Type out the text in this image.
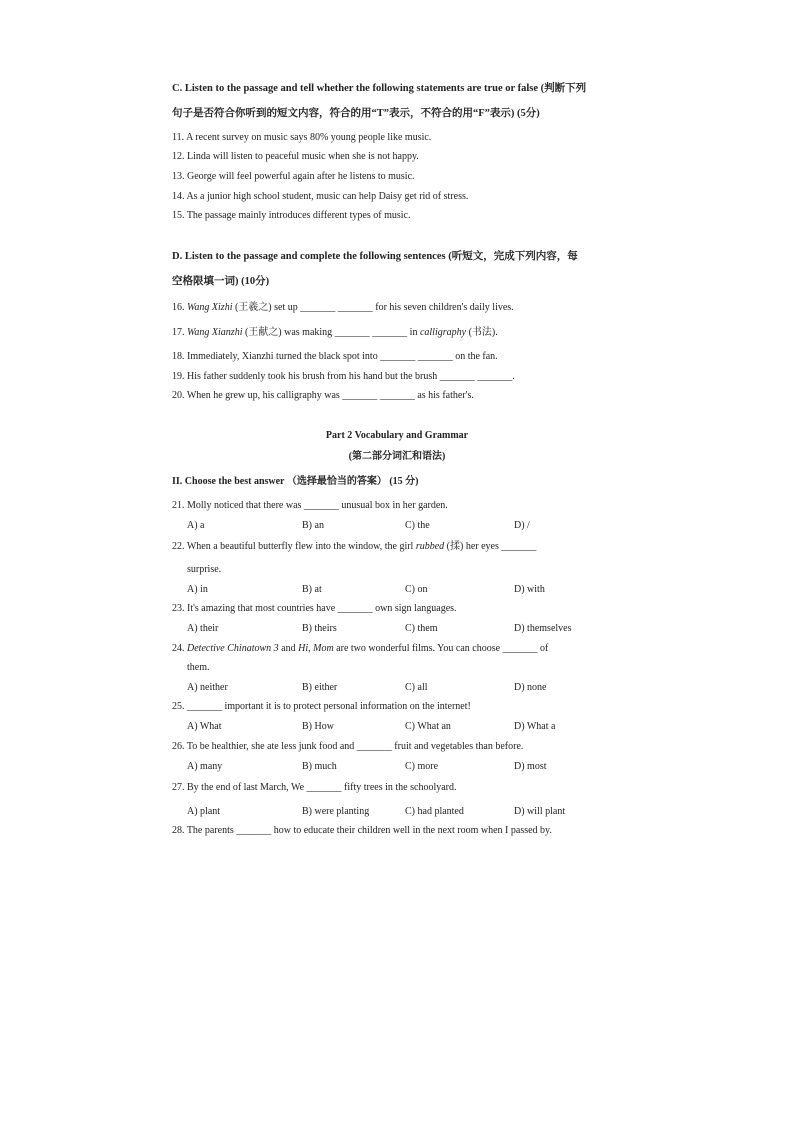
C. Listen to the passage and tell whether the following statements are true or false (判断下列
句子是否符合你听到的短文内容，符合的用“T”表示，不符合的用“F”表示) (5分)
11. A recent survey on music says 80% young people like music.
12. Linda will listen to peaceful music when she is not happy.
13. George will feel powerful again after he listens to music.
14. As a junior high school student, music can help Daisy get rid of stress.
15. The passage mainly introduces different types of music.
D. Listen to the passage and complete the following sentences (听短文，完成下列内容，每
空格限填一词) (10分)
16. Wang Xizhi (王羲之) set up _______ _______ for his seven children's daily lives.
17. Wang Xianzhi (王献之) was making _______ _______ in calligraphy (书法).
18. Immediately, Xianzhi turned the black spot into _______ _______ on the fan.
19. His father suddenly took his brush from his hand but the brush _______ _______.
20. When he grew up, his calligraphy was _______ _______ as his father's.
Part 2 Vocabulary and Grammar
(第二部分词汇和语法)
II. Choose the best answer （选择最恰当的答案） (15 分)
21. Molly noticed that there was _______ unusual box in her garden.
A) a	B) an	C) the	D) /
22. When a beautiful butterfly flew into the window, the girl rubbed (揉) her eyes _______
surprise.
A) in	B) at	C) on	D) with
23. It's amazing that most countries have _______ own sign languages.
A) their	B) theirs	C) them	D) themselves
24. Detective Chinatown 3 and Hi, Mom are two wonderful films. You can choose _______ of
them.
A) neither	B) either	C) all	D) none
25. _______ important it is to protect personal information on the internet!
A) What	B) How	C) What an	D) What a
26. To be healthier, she ate less junk food and _______ fruit and vegetables than before.
A) many	B) much	C) more	D) most
27. By the end of last March, We _______ fifty trees in the schoolyard.
A) plant	B) were planting	C) had planted	D) will plant
28. The parents _______ how to educate their children well in the next room when I passed by.
